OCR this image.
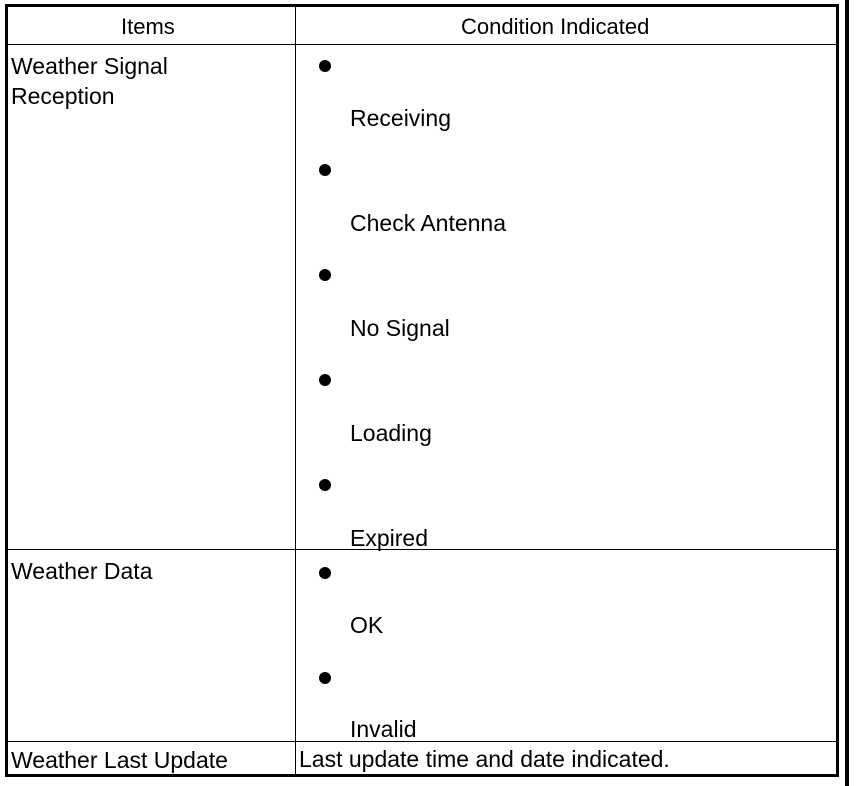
Items	Condition Indicated
Weather Signal
Reception
Receiving
Check Antenna
No Signal
Loading
Expired
Weather Data
OK
Invalid
Weather Last Update	Last update time and date indicated.
